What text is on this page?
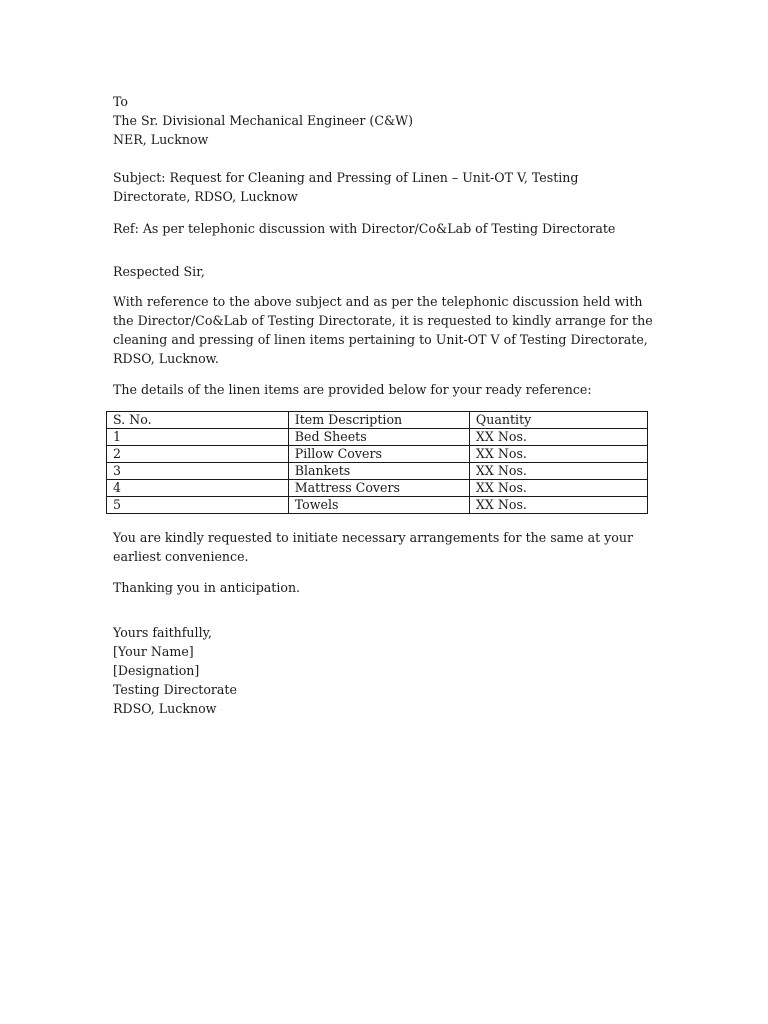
To
The Sr. Divisional Mechanical Engineer (C&W)
NER, Lucknow

Subject: Request for Cleaning and Pressing of Linen – Unit-OT V, Testing Directorate, RDSO, Lucknow

Ref: As per telephonic discussion with Director/Co&Lab of Testing Directorate

Respected Sir,

With reference to the above subject and as per the telephonic discussion held with the Director/Co&Lab of Testing Directorate, it is requested to kindly arrange for the cleaning and pressing of linen items pertaining to Unit-OT V of Testing Directorate, RDSO, Lucknow.

The details of the linen items are provided below for your ready reference:

S. No.	Item Description	Quantity
1	Bed Sheets	XX Nos.
2	Pillow Covers	XX Nos.
3	Blankets	XX Nos.
4	Mattress Covers	XX Nos.
5	Towels	XX Nos.

You are kindly requested to initiate necessary arrangements for the same at your earliest convenience.

Thanking you in anticipation.

Yours faithfully,
[Your Name]
[Designation]
Testing Directorate
RDSO, Lucknow
